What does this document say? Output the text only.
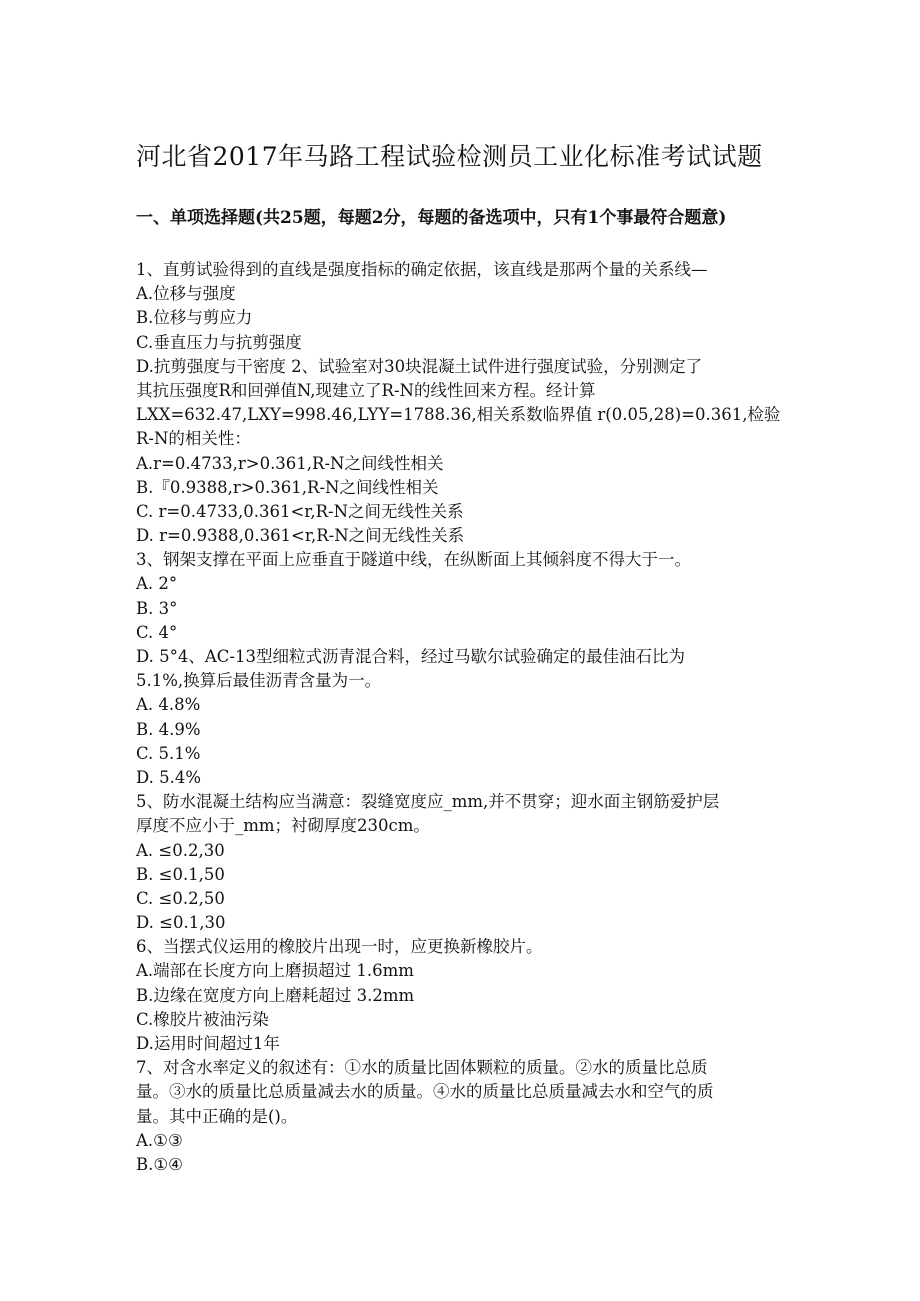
河北省2017年马路工程试验检测员工业化标准考试试题
一、单项选择题(共25题，每题2分，每题的备选项中，只有1个事最符合题意)
1、直剪试验得到的直线是强度指标的确定依据，该直线是那两个量的关系线—
A.位移与强度
B.位移与剪应力
C.垂直压力与抗剪强度
D.抗剪强度与干密度 2、试验室对30块混凝土试件进行强度试验，分别测定了
其抗压强度R和回弹值N,现建立了R-N的线性回来方程。经计算
LXX=632.47,LXY=998.46,LYY=1788.36,相关系数临界值 r(0.05,28)=0.361,检验
R-N的相关性：
A.r=0.4733,r>0.361,R-N之间线性相关
B.『0.9388,r>0.361,R-N之间线性相关
C. r=0.4733,0.361<r,R-N之间无线性关系
D. r=0.9388,0.361<r,R-N之间无线性关系
3、钢架支撑在平面上应垂直于隧道中线，在纵断面上其倾斜度不得大于一。
A. 2°
B. 3°
C. 4°
D. 5°4、AC-13型细粒式沥青混合料，经过马歇尔试验确定的最佳油石比为
5.1%,换算后最佳沥青含量为一。
A. 4.8%
B. 4.9%
C. 5.1%
D. 5.4%
5、防水混凝土结构应当满意：裂缝宽度应_mm,并不贯穿；迎水面主钢筋爱护层
厚度不应小于_mm；衬砌厚度230cm。
A. ≤0.2,30
B. ≤0.1,50
C. ≤0.2,50
D. ≤0.1,30
6、当摆式仪运用的橡胶片出现一时，应更换新橡胶片。
A.端部在长度方向上磨损超过 1.6mm
B.边缘在宽度方向上磨耗超过 3.2mm
C.橡胶片被油污染
D.运用时间超过1年
7、对含水率定义的叙述有：①水的质量比固体颗粒的质量。②水的质量比总质
量。③水的质量比总质量减去水的质量。④水的质量比总质量减去水和空气的质
量。其中正确的是()。
A.①③
B.①④
